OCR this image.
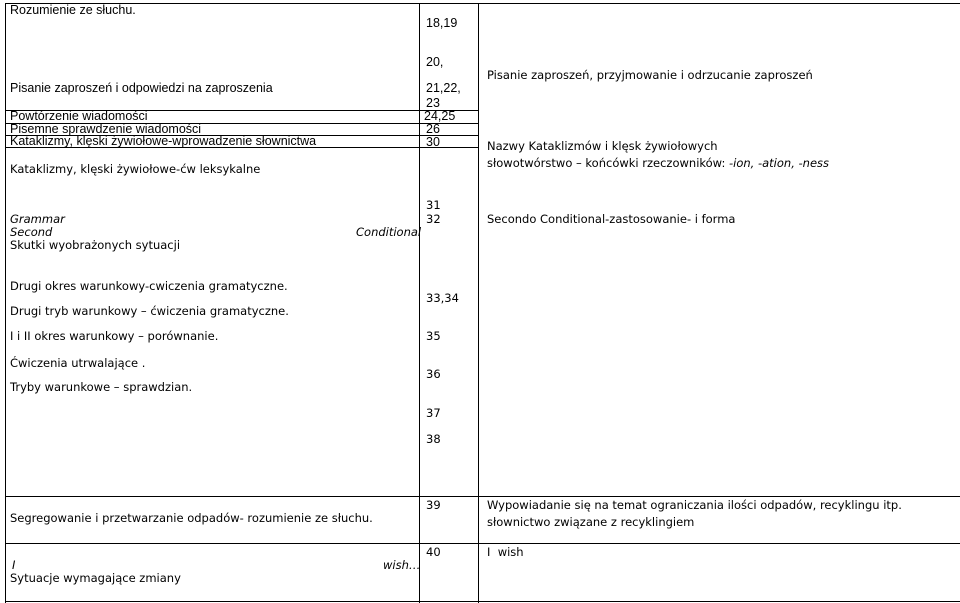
Rozumienie ze słuchu.
Pisanie zaproszeń i odpowiedzi na zaproszenia
Powtórzenie wiadomości
Pisemne sprawdzenie wiadomości
Kataklizmy, klęski żywiołowe-wprowadzenie słownictwa
Kataklizmy, klęski żywiołowe-ćw leksykalne
Grammar
Second	Conditional
Skutki wyobrażonych sytuacji
Drugi okres warunkowy-cwiczenia gramatyczne.
Drugi tryb warunkowy – ćwiczenia gramatyczne.
I i II okres warunkowy – porównanie.
Ćwiczenia utrwalające .
Tryby warunkowe – sprawdzian.
Segregowanie i przetwarzanie odpadów- rozumienie ze słuchu.
I	wish…
Sytuacje wymagające zmiany
18,19
20,
21,22,
23
24,25
26
30
31
32
33,34
35
36
37
38
39
40
Pisanie zaproszeń, przyjmowanie i odrzucanie zaproszeń
Nazwy Kataklizmów i klęsk żywiołowych
słowotwórstwo – końcówki rzeczowników: -ion, -ation, -ness
Secondo Conditional-zastosowanie- i forma
Wypowiadanie się na temat ograniczania ilości odpadów, recyklingu itp.
słownictwo związane z recyklingiem
I  wish
